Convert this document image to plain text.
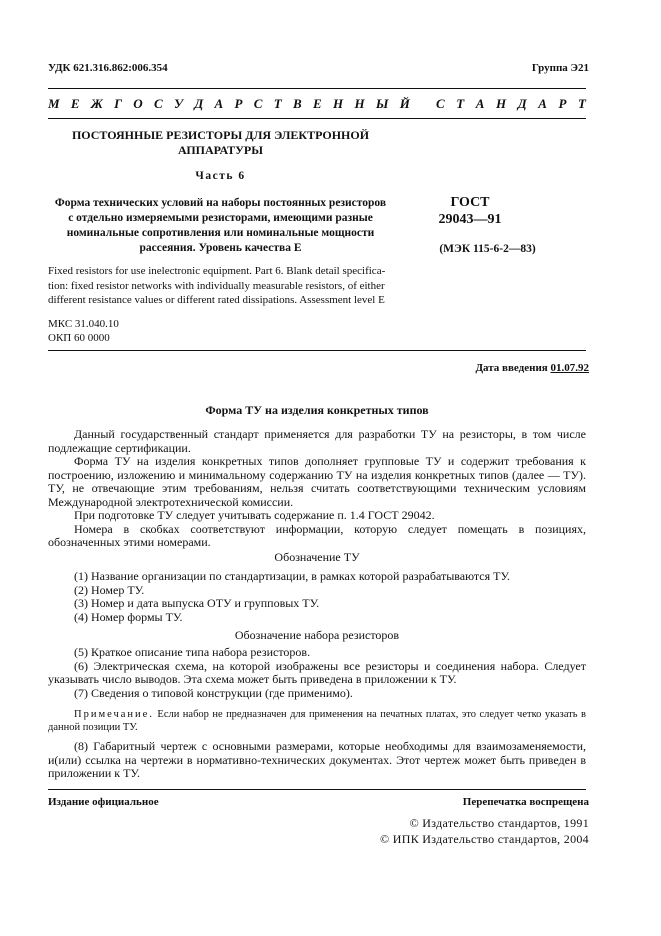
УДК 621.316.862:006.354	Группа Э21

М Е Ж Г О С У Д А Р С Т В Е Н Н Ы Й С Т А Н Д А Р Т
ПОСТОЯННЫЕ РЕЗИСТОРЫ ДЛЯ ЭЛЕКТРОННОЙ
АППАРАТУРЫ
Часть 6
Форма технических условий на наборы постоянных резисторов
с отдельно измеряемыми резисторами, имеющими разные
номинальные сопротивления или номинальные мощности
рассеяния. Уровень качества E
ГОСТ
29043—91
(МЭК 115-6-2—83)

Fixed resistors for use inelectronic equipment. Part 6. Blank detail specifica-

tion: fixed resistor networks with individually measurable resistors, of either

different resistance values or different rated dissipations. Assessment level E

МКС 31.040.10
ОКП 60 0000
Дата введения 01.07.92
Форма ТУ на изделия конкретных типов

Данный государственный стандарт применяется для разработки ТУ на резисторы, в том числе подлежащие сертификации.

Форма ТУ на изделия конкретных типов дополняет групповые ТУ и содержит требования к построению, изложению и минимальному содержанию ТУ на изделия конкретных типов (далее — ТУ). ТУ, не отвечающие этим требованиям, нельзя считать соответствующими техническим условиям Международной электротехнической комиссии.

При подготовке ТУ следует учитывать содержание п. 1.4 ГОСТ 29042.

Номера в скобках соответствуют информации, которую следует помещать в позициях, обозначенных этими номерами.

Обозначение ТУ

(1) Название организации по стандартизации, в рамках которой разрабатываются ТУ.

(2) Номер ТУ.

(3) Номер и дата выпуска ОТУ и групповых ТУ.

(4) Номер формы ТУ.

Обозначение набора резисторов

(5) Краткое описание типа набора резисторов.

(6) Электрическая схема, на которой изображены все резисторы и соединения набора. Следует указывать число выводов. Эта схема может быть приведена в приложении к ТУ.

(7) Сведения о типовой конструкции (где применимо).

Примечание. Если набор не предназначен для применения на печатных платах, это следует четко указать в данной позиции ТУ.

(8) Габаритный чертеж с основными размерами, которые необходимы для взаимозаменяемости, и(или) ссылка на чертежи в нормативно-технических документах. Этот чертеж может быть приведен в приложении к ТУ.

Издание официальное	Перепечатка воспрещена

© Издательство стандартов, 1991

© ИПК Издательство стандартов, 2004
